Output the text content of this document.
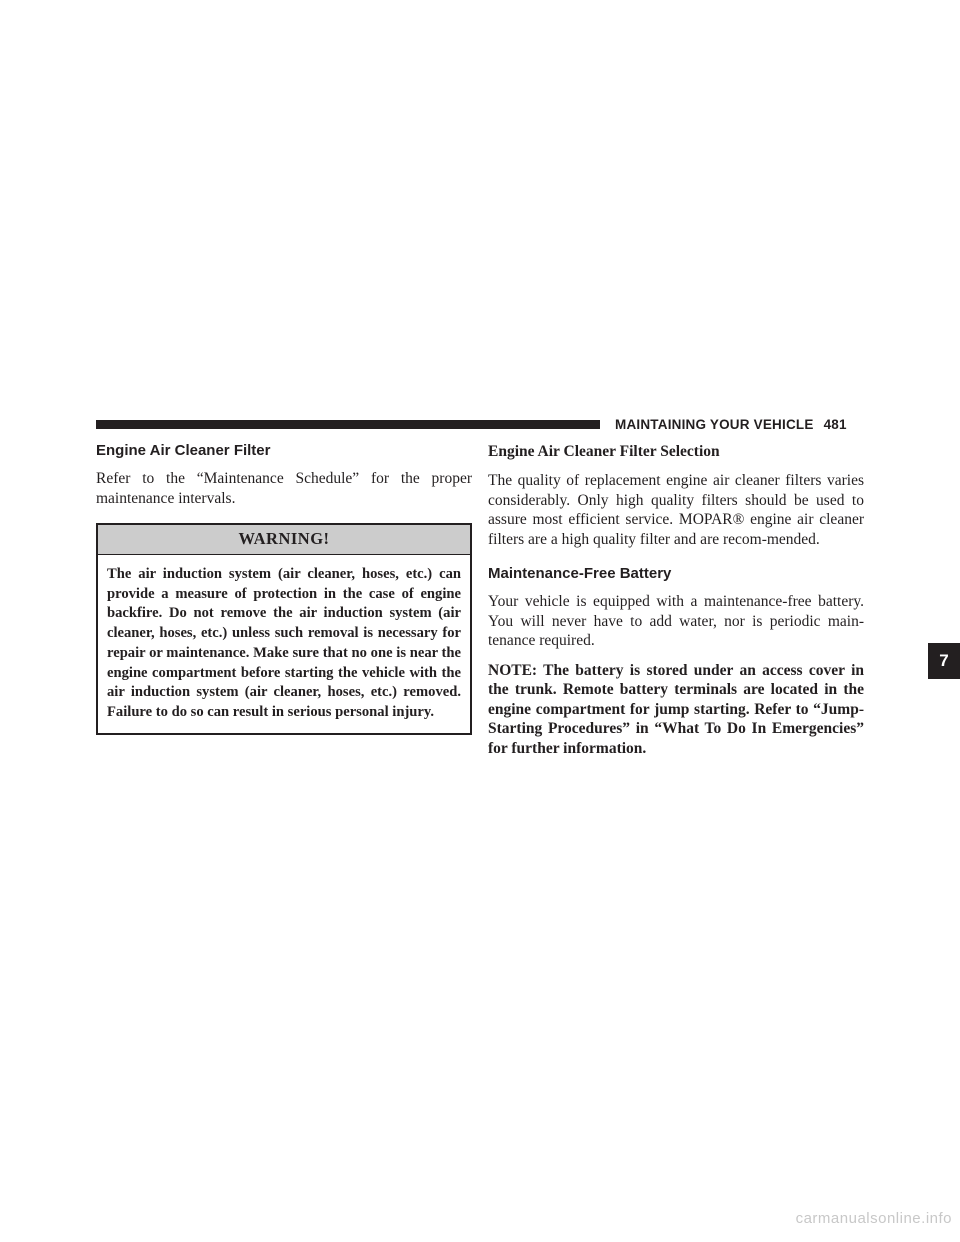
MAINTAINING YOUR VEHICLE 481
Engine Air Cleaner Filter

Refer to the “Maintenance Schedule” for the proper maintenance intervals.

WARNING!
The air induction system (air cleaner, hoses, etc.) can provide a measure of protection in the case of engine backfire. Do not remove the air induction system (air cleaner, hoses, etc.) unless such removal is necessary for repair or maintenance. Make sure that no one is near the engine compartment before starting the vehicle with the air induction system (air cleaner, hoses, etc.) removed. Failure to do so can result in serious personal injury.
Engine Air Cleaner Filter Selection

The quality of replacement engine air cleaner filters varies considerably. Only high quality filters should be used to assure most efficient service. MOPAR® engine air cleaner filters are a high quality filter and are recom-mended.

Maintenance-Free Battery

Your vehicle is equipped with a maintenance-free battery. You will never have to add water, nor is periodic main-tenance required.

NOTE: The battery is stored under an access cover in the trunk. Remote battery terminals are located in the engine compartment for jump starting. Refer to “Jump-Starting Procedures” in “What To Do In Emergencies” for further information.

7
carmanualsonline.info
